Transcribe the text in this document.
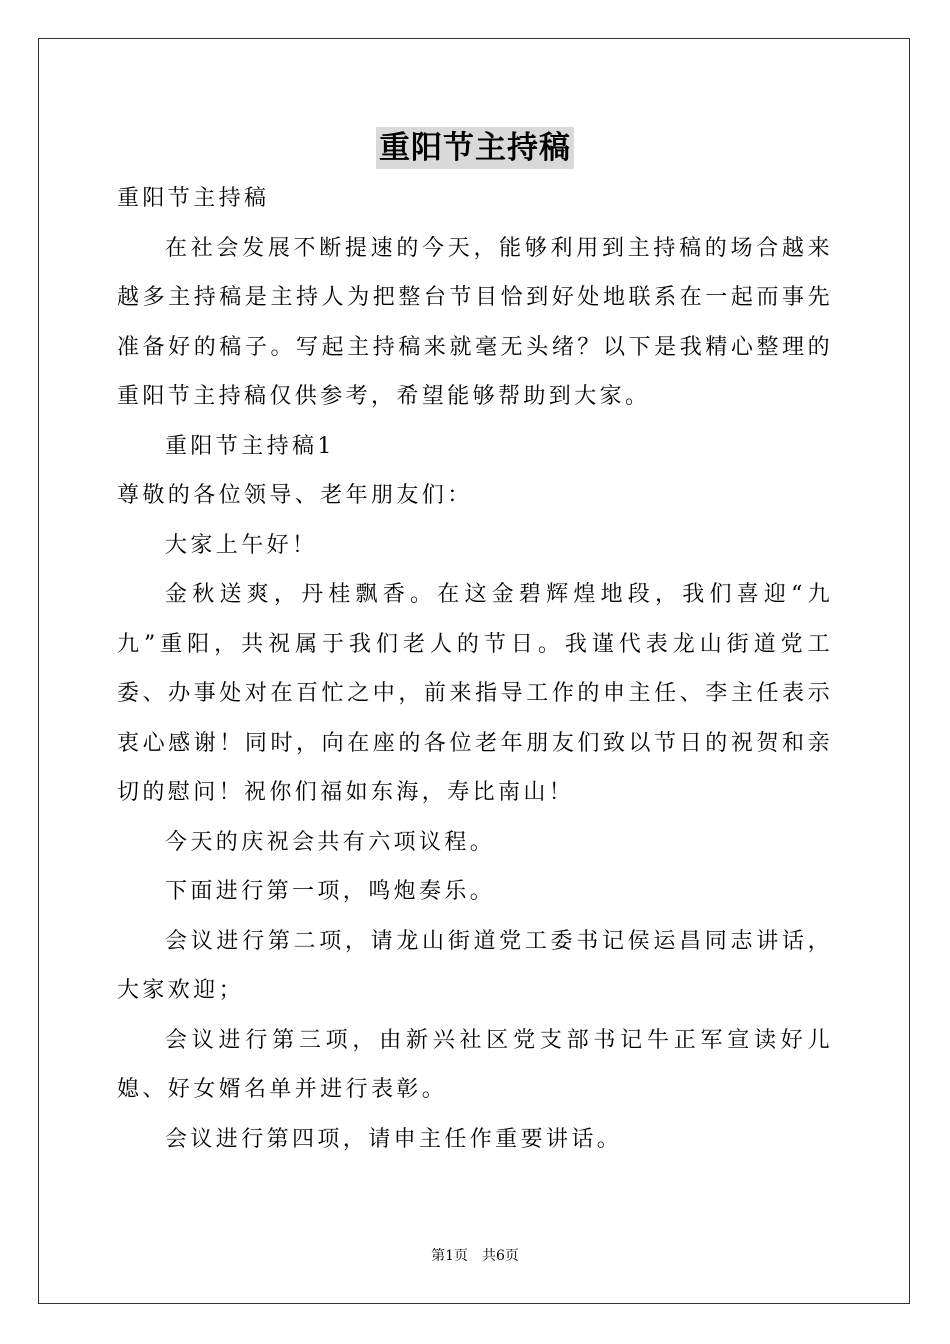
重阳节主持稿

重阳节主持稿

在社会发展不断提速的今天，能够利用到主持稿的场合越来越多主持稿是主持人为把整台节目恰到好处地联系在一起而事先准备好的稿子。写起主持稿来就毫无头绪？以下是我精心整理的重阳节主持稿仅供参考，希望能够帮助到大家。

重阳节主持稿1

尊敬的各位领导、老年朋友们：

大家上午好！

金秋送爽，丹桂飘香。在这金碧辉煌地段，我们喜迎“九九”重阳，共祝属于我们老人的节日。我谨代表龙山街道党工委、办事处对在百忙之中，前来指导工作的申主任、李主任表示衷心感谢！同时，向在座的各位老年朋友们致以节日的祝贺和亲切的慰问！祝你们福如东海，寿比南山！

今天的庆祝会共有六项议程。

下面进行第一项，鸣炮奏乐。

会议进行第二项，请龙山街道党工委书记侯运昌同志讲话，大家欢迎；

会议进行第三项，由新兴社区党支部书记牛正军宣读好儿媳、好女婿名单并进行表彰。

会议进行第四项，请申主任作重要讲话。

第1页 共6页
